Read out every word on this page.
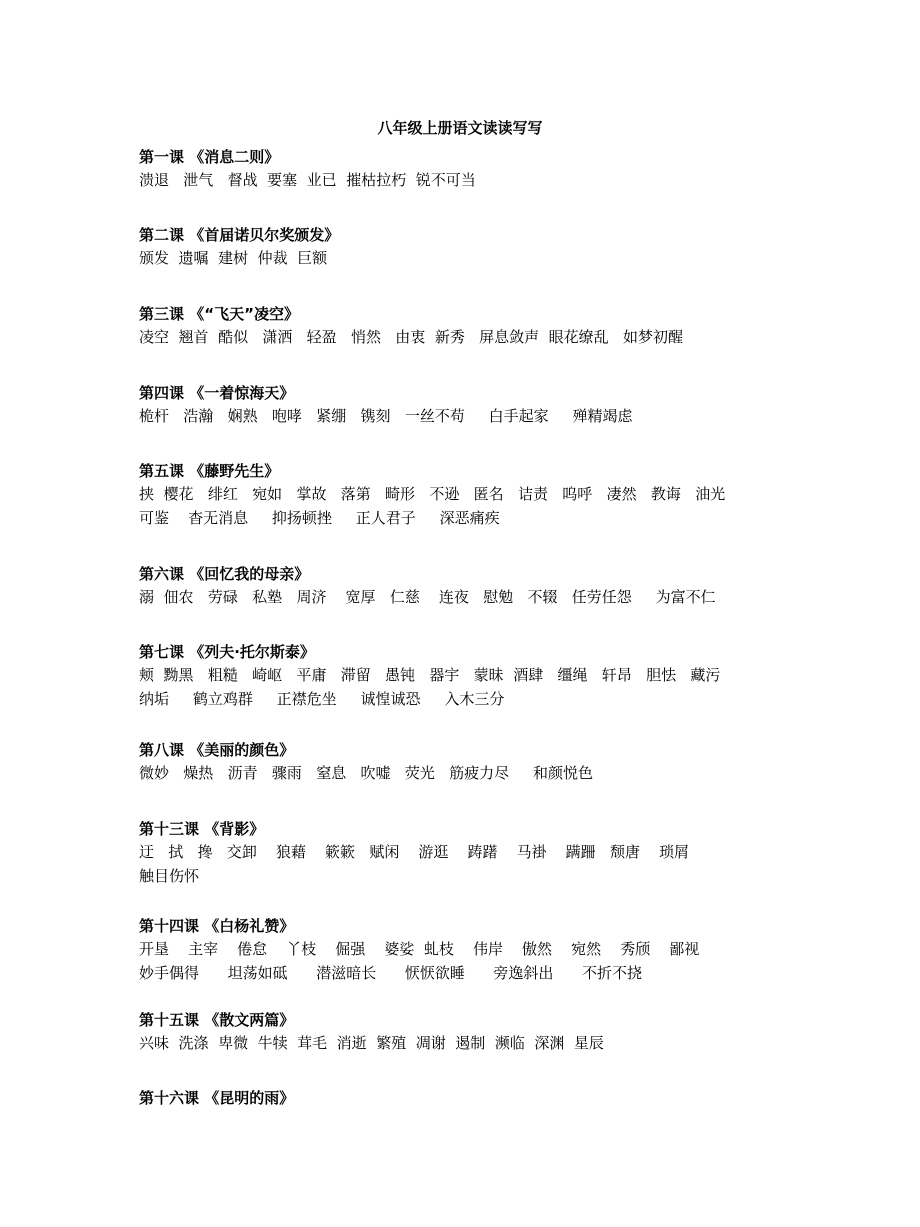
八年级上册语文读读写写
第一课 《消息二则》
溃退   泄气   督战  要塞  业已  摧枯拉朽  锐不可当
第二课 《首届诺贝尔奖颁发》
颁发  遗嘱  建树  仲裁  巨额
第三课 《“飞天”凌空》
凌空  翘首  酷似   潇洒   轻盈   悄然   由衷  新秀   屏息敛声  眼花缭乱   如梦初醒
第四课 《一着惊海天》
桅杆   浩瀚   娴熟   咆哮   紧绷   镌刻   一丝不苟     白手起家     殚精竭虑
第五课 《藤野先生》
挟  樱花   绯红   宛如   掌故   落第   畸形   不逊   匿名   诘责   呜呼   凄然   教诲   油光
可鉴    杳无消息     抑扬顿挫     正人君子     深恶痛疾
第六课 《回忆我的母亲》
溺  佃农   劳碌   私塾   周济    宽厚   仁慈    连夜   慰勉   不辍   任劳任怨     为富不仁
第七课 《列夫·托尔斯泰》
颊  黝黑   粗糙   崎岖   平庸   滞留   愚钝   器宇   蒙昧  酒肆   缰绳   轩昂   胆怯   藏污
纳垢     鹤立鸡群     正襟危坐     诚惶诚恐     入木三分
第八课 《美丽的颜色》
微妙   燥热   沥青   骤雨   窒息   吹嘘   荧光   筋疲力尽     和颜悦色
第十三课 《背影》
迂   拭   搀   交卸    狼藉    簌簌   赋闲    游逛    踌躇    马褂    蹒跚   颓唐    琐屑
触目伤怀
第十四课 《白杨礼赞》
开垦    主宰    倦怠    丫枝    倔强    婆娑  虬枝    伟岸    傲然    宛然    秀颀    鄙视
妙手偶得      坦荡如砥      潜滋暗长      恹恹欲睡      旁逸斜出      不折不挠
第十五课 《散文两篇》
兴味  洗涤  卑微  牛犊  茸毛  消逝  繁殖  凋谢  遏制  濒临  深渊  星辰
第十六课 《昆明的雨》
